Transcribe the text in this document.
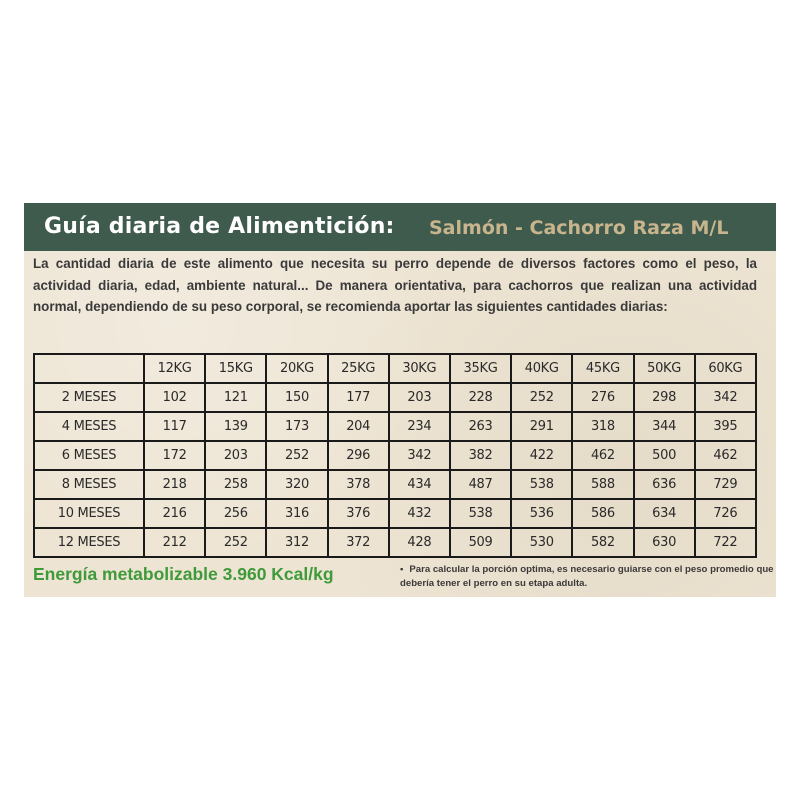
Guía diaria de Alimentición: Salmón - Cachorro Raza M/L

La cantidad diaria de este alimento que necesita su perro depende de diversos factores como el peso, la actividad diaria, edad, ambiente natural... De manera orientativa, para cachorros que realizan una actividad normal, dependiendo de su peso corporal, se recomienda aportar las siguientes cantidades diarias:

	12KG	15KG	20KG	25KG	30KG	35KG	40KG	45KG	50KG	60KG
2 MESES	102	121	150	177	203	228	252	276	298	342
4 MESES	117	139	173	204	234	263	291	318	344	395
6 MESES	172	203	252	296	342	382	422	462	500	462
8 MESES	218	258	320	378	434	487	538	588	636	729
10 MESES	216	256	316	376	432	538	536	586	634	726
12 MESES	212	252	312	372	428	509	530	582	630	722
Energía metabolizable 3.960 Kcal/kg	• Para calcular la porción optima, es necesario guiarse con el peso promedio que debería tener el perro en su etapa adulta.
